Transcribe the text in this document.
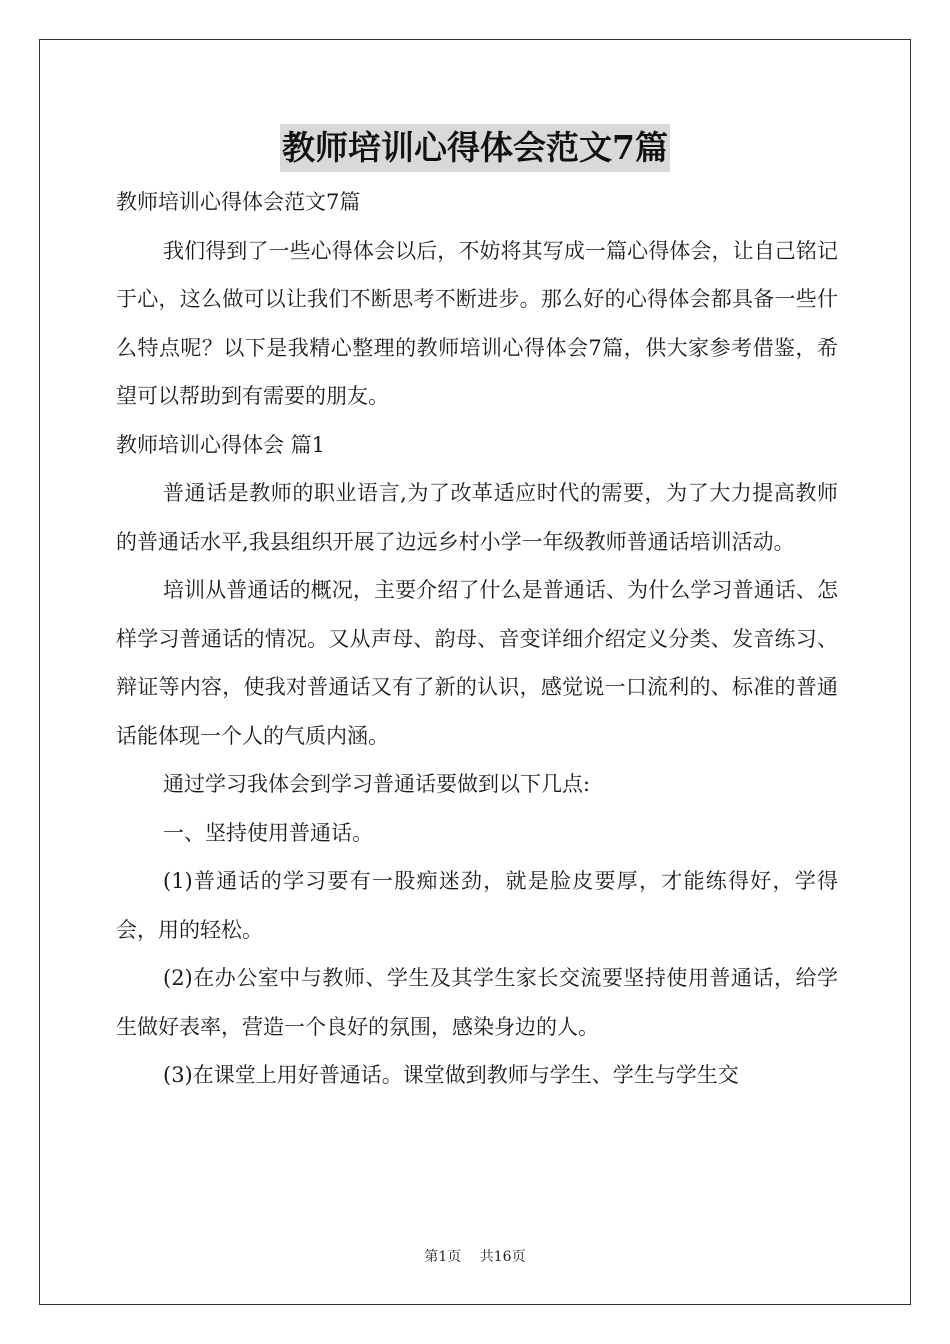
教师培训心得体会范文7篇

教师培训心得体会范文7篇

我们得到了一些心得体会以后，不妨将其写成一篇心得体会，让自己铭记于心，这么做可以让我们不断思考不断进步。那么好的心得体会都具备一些什么特点呢？以下是我精心整理的教师培训心得体会7篇，供大家参考借鉴，希望可以帮助到有需要的朋友。

教师培训心得体会 篇1

普通话是教师的职业语言,为了改革适应时代的需要，为了大力提高教师的普通话水平,我县组织开展了边远乡村小学一年级教师普通话培训活动。

培训从普通话的概况，主要介绍了什么是普通话、为什么学习普通话、怎样学习普通话的情况。又从声母、韵母、音变详细介绍定义分类、发音练习、辩证等内容，使我对普通话又有了新的认识，感觉说一口流利的、标准的普通话能体现一个人的气质内涵。

通过学习我体会到学习普通话要做到以下几点:

一、坚持使用普通话。

(1)普通话的学习要有一股痴迷劲，就是脸皮要厚，才能练得好，学得会，用的轻松。

(2)在办公室中与教师、学生及其学生家长交流要坚持使用普通话，给学生做好表率，营造一个良好的氛围，感染身边的人。

(3)在课堂上用好普通话。课堂做到教师与学生、学生与学生交

第1页 共16页
